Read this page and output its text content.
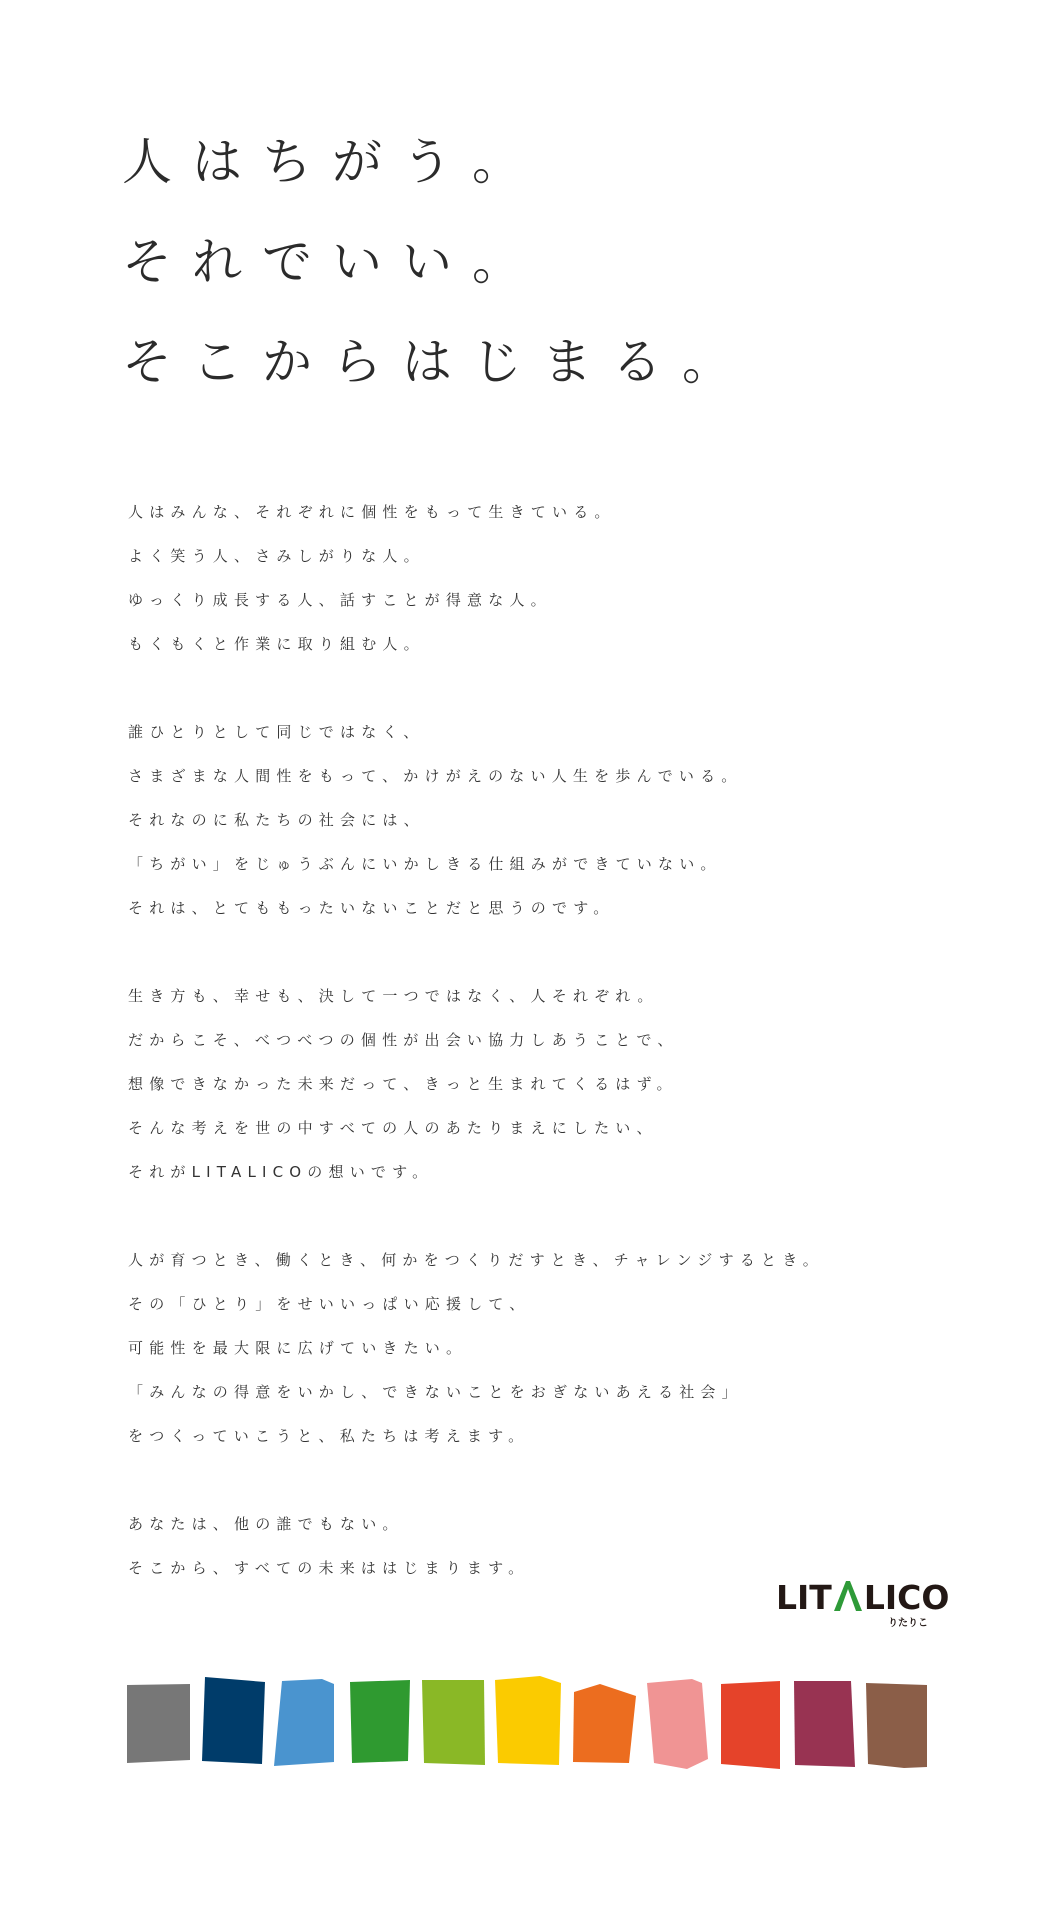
人はちがう。
それでいい。
そこからはじまる。

人はみんな、それぞれに個性をもって生きている。
よく笑う人、さみしがりな人。
ゆっくり成長する人、話すことが得意な人。
もくもくと作業に取り組む人。

誰ひとりとして同じではなく、
さまざまな人間性をもって、かけがえのない人生を歩んでいる。
それなのに私たちの社会には、
「ちがい」をじゅうぶんにいかしきる仕組みができていない。
それは、とてももったいないことだと思うのです。

生き方も、幸せも、決して一つではなく、人それぞれ。
だからこそ、べつべつの個性が出会い協力しあうことで、
想像できなかった未来だって、きっと生まれてくるはず。
そんな考えを世の中すべての人のあたりまえにしたい、
それがLITALICOの想いです。

人が育つとき、働くとき、何かをつくりだすとき、チャレンジするとき。
その「ひとり」をせいいっぱい応援して、
可能性を最大限に広げていきたい。
「みんなの得意をいかし、できないことをおぎないあえる社会」
をつくっていこうと、私たちは考えます。

あなたは、他の誰でもない。
そこから、すべての未来ははじまります。

LIT LICO
りたりこ
